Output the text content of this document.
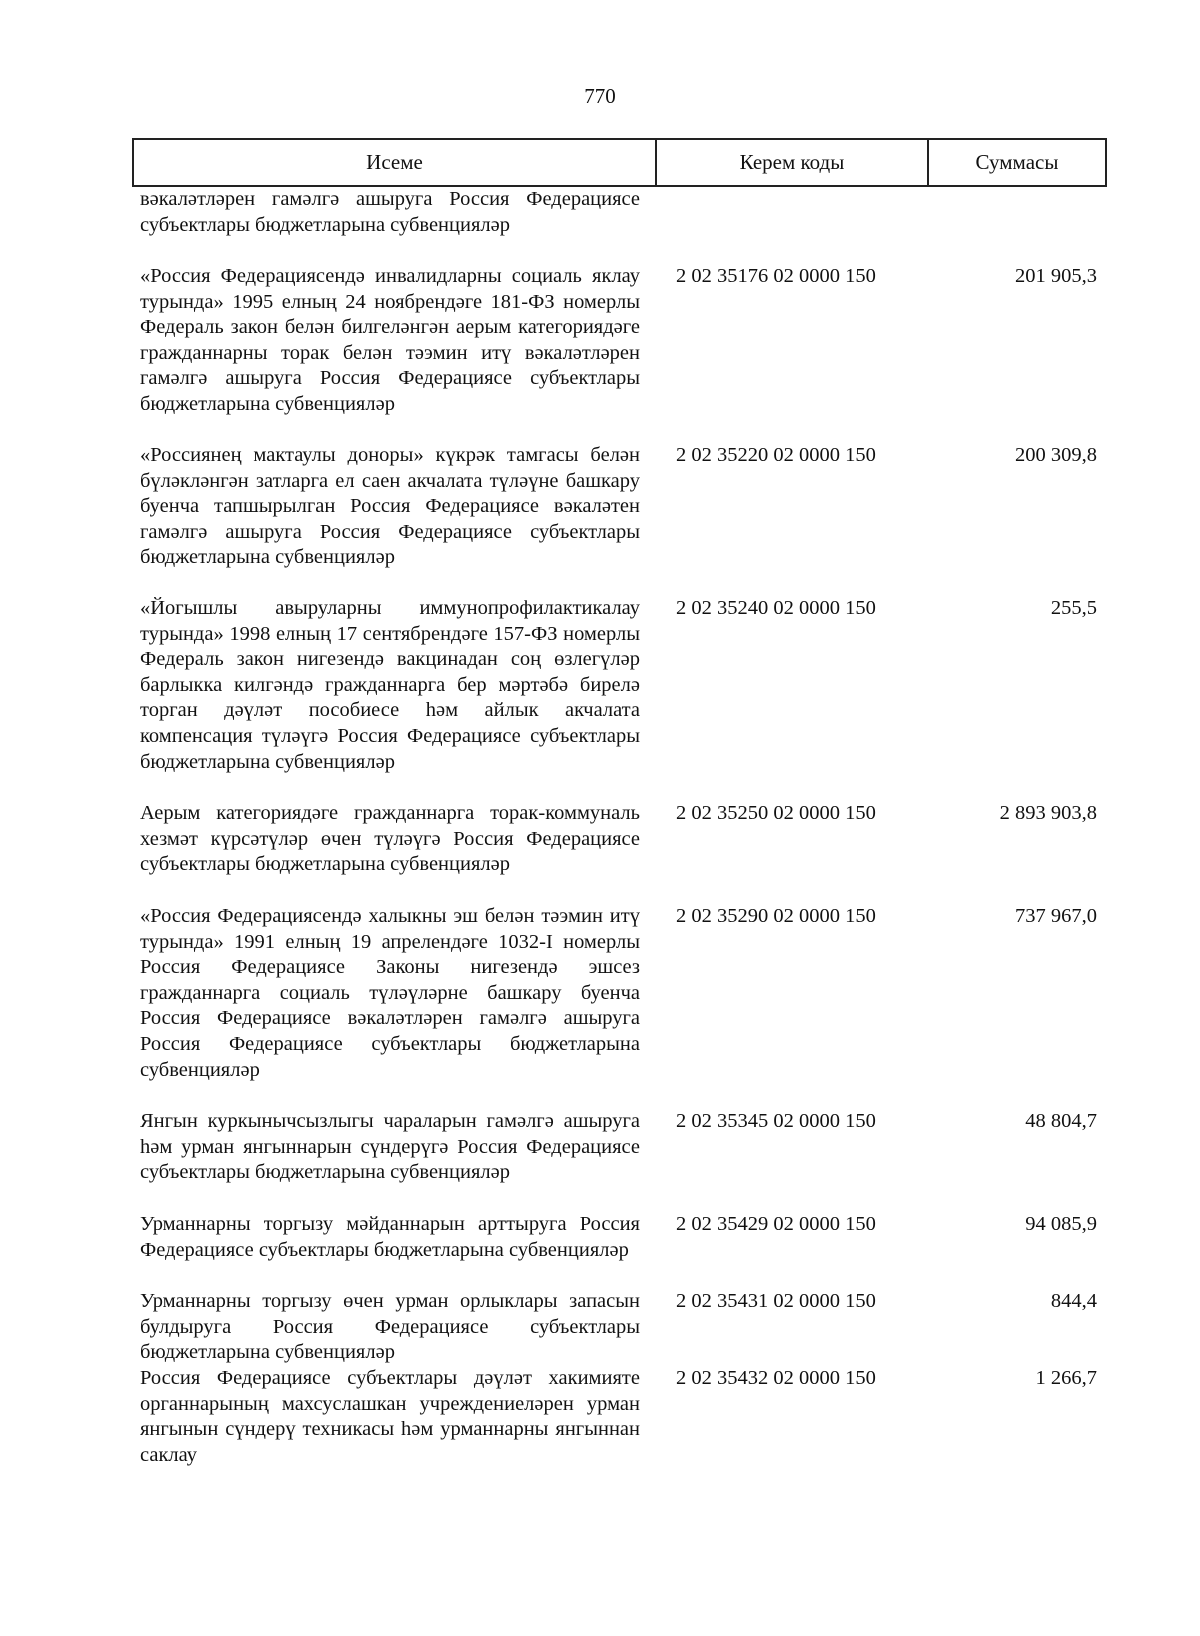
770
Исеме	Керем коды	Суммасы
вәкаләтләрен гамәлгә ашыруга Россия Федерациясе субъектлары бюджетларына субвенцияләр
«Россия Федерациясендә инвалидларны социаль яклау турында» 1995 елның 24 ноябрендәге 181-ФЗ номерлы Федераль закон белән билгеләнгән аерым категориядәге гражданнарны торак белән тәэмин итү вәкаләтләрен гамәлгә ашыруга Россия Федерациясе субъектлары бюджетларына субвенцияләр
2 02 35176 02 0000 150	201 905,3
«Россиянең мактаулы доноры» күкрәк тамгасы белән бүләкләнгән затларга ел саен акчалата түләүне башкару буенча тапшырылган Россия Федерациясе вәкаләтен гамәлгә ашыруга Россия Федерациясе субъектлары бюджетларына субвенцияләр
2 02 35220 02 0000 150	200 309,8
«Йогышлы авыруларны иммунопрофилактикалау турында» 1998 елның 17 сентябрендәге 157-ФЗ номерлы Федераль закон нигезендә вакцинадан соң өзлегүләр барлыкка килгәндә гражданнарга бер мәртәбә бирелә торган дәүләт пособиесе һәм айлык акчалата компенсация түләүгә Россия Федерациясе субъектлары бюджетларына субвенцияләр
2 02 35240 02 0000 150	255,5
Аерым категориядәге гражданнарга торак-коммуналь хезмәт күрсәтүләр өчен түләүгә Россия Федерациясе субъектлары бюджетларына субвенцияләр
2 02 35250 02 0000 150	2 893 903,8
«Россия Федерациясендә халыкны эш белән тәэмин итү турында» 1991 елның 19 апрелендәге 1032-I номерлы Россия Федерациясе Законы нигезендә эшсез гражданнарга социаль түләүләрне башкару буенча Россия Федерациясе вәкаләтләрен гамәлгә ашыруга Россия Федерациясе субъектлары бюджетларына субвенцияләр
2 02 35290 02 0000 150	737 967,0
Янгын куркынычсызлыгы чараларын гамәлгә ашыруга һәм урман янгыннарын сүндерүгә Россия Федерациясе субъектлары бюджетларына субвенцияләр
2 02 35345 02 0000 150	48 804,7
Урманнарны торгызу мәйданнарын арттыруга Россия Федерациясе субъектлары бюджетларына субвенцияләр
2 02 35429 02 0000 150	94 085,9
Урманнарны торгызу өчен урман орлыклары запасын булдыруга Россия Федерациясе субъектлары бюджетларына субвенцияләр
2 02 35431 02 0000 150	844,4
Россия Федерациясе субъектлары дәүләт хакимияте органнарының махсуслашкан учреждениеләрен урман янгынын сүндерү техникасы һәм урманнарны янгыннан саклау
2 02 35432 02 0000 150	1 266,7
